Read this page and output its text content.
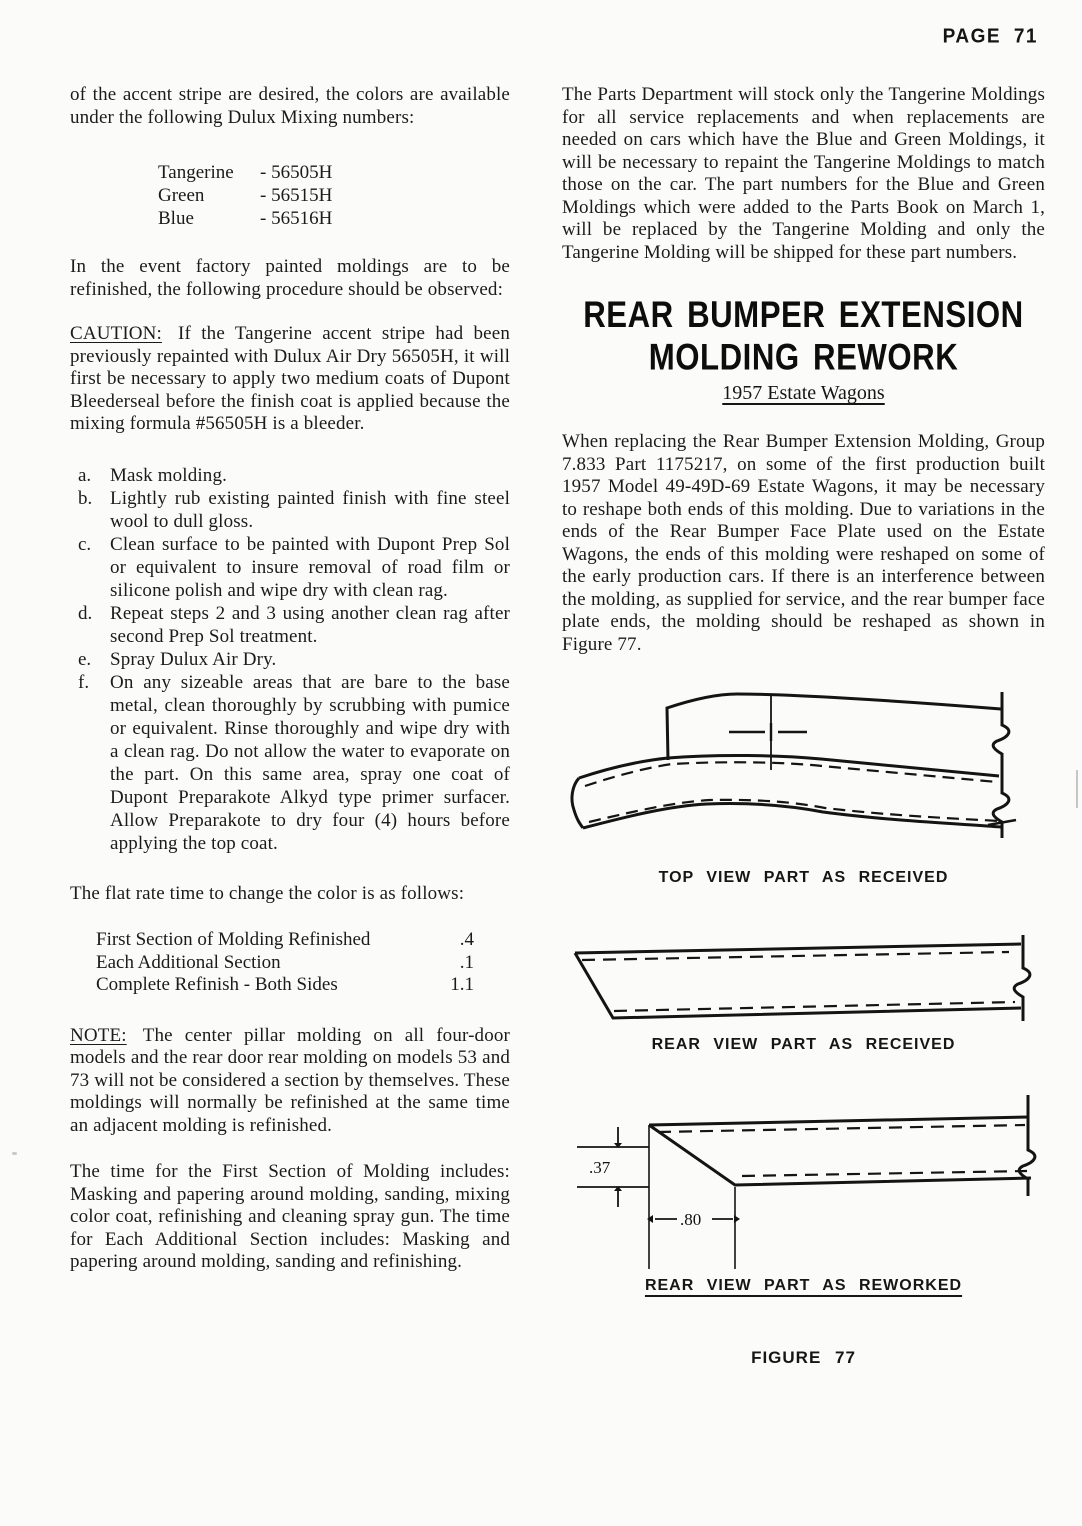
PAGE 71

of the accent stripe are desired, the colors are available under the following Dulux Mixing numbers:

Tangerine	- 56505H
Green	- 56515H
Blue	- 56516H

In the event factory painted moldings are to be refinished, the following procedure should be observed:

CAUTION: If the Tangerine accent stripe had been previously repainted with Dulux Air Dry 56505H, it will first be necessary to apply two medium coats of Dupont Bleederseal before the finish coat is applied because the mixing formula #56505H is a bleeder.

a. Mask molding.
b. Lightly rub existing painted finish with fine steel wool to dull gloss.
c. Clean surface to be painted with Dupont Prep Sol or equivalent to insure removal of road film or silicone polish and wipe dry with clean rag.
d. Repeat steps 2 and 3 using another clean rag after second Prep Sol treatment.
e. Spray Dulux Air Dry.
f.	On any sizeable areas that are bare to the base metal, clean thoroughly by scrubbing with pumice or equivalent. Rinse thoroughly and wipe dry with a clean rag. Do not allow the water to evaporate on the part. On this same area, spray one coat of Dupont Preparakote Alkyd type primer surfacer. Allow Preparakote to dry four (4) hours before applying the top coat.

The flat rate time to change the color is as follows:

First Section of Molding Refinished	.4
Each Additional Section	.1
Complete Refinish - Both Sides	1.1

NOTE: The center pillar molding on all four-door models and the rear door rear molding on models 53 and 73 will not be considered a section by themselves. These moldings will normally be refinished at the same time an adjacent molding is refinished.

The time for the First Section of Molding includes: Masking and papering around molding, sanding, mixing color coat, refinishing and cleaning spray gun. The time for Each Additional Section includes: Masking and papering around molding, sanding and refinishing.

The Parts Department will stock only the Tangerine Moldings for all service replacements and when replacements are needed on cars which have the Blue and Green Moldings, it will be necessary to repaint the Tangerine Moldings to match those on the car. The part numbers for the Blue and Green Moldings which were added to the Parts Book on March 1, will be replaced by the Tangerine Molding and only the Tangerine Molding will be shipped for these part numbers.

REAR BUMPER EXTENSION
MOLDING REWORK
1957 Estate Wagons

When replacing the Rear Bumper Extension Molding, Group 7.833 Part 1175217, on some of the first production built 1957 Model 49-49D-69 Estate Wagons, it may be necessary to reshape both ends of this molding. Due to variations in the ends of the Rear Bumper Face Plate used on the Estate Wagons, the ends of this molding were reshaped on some of the early production cars. If there is an interference between the molding, as supplied for service, and the rear bumper face plate ends, the molding should be reshaped as shown in Figure 77.

TOP VIEW PART AS RECEIVED
REAR VIEW PART AS RECEIVED
.37
.80
REAR VIEW PART AS REWORKED
FIGURE 77
